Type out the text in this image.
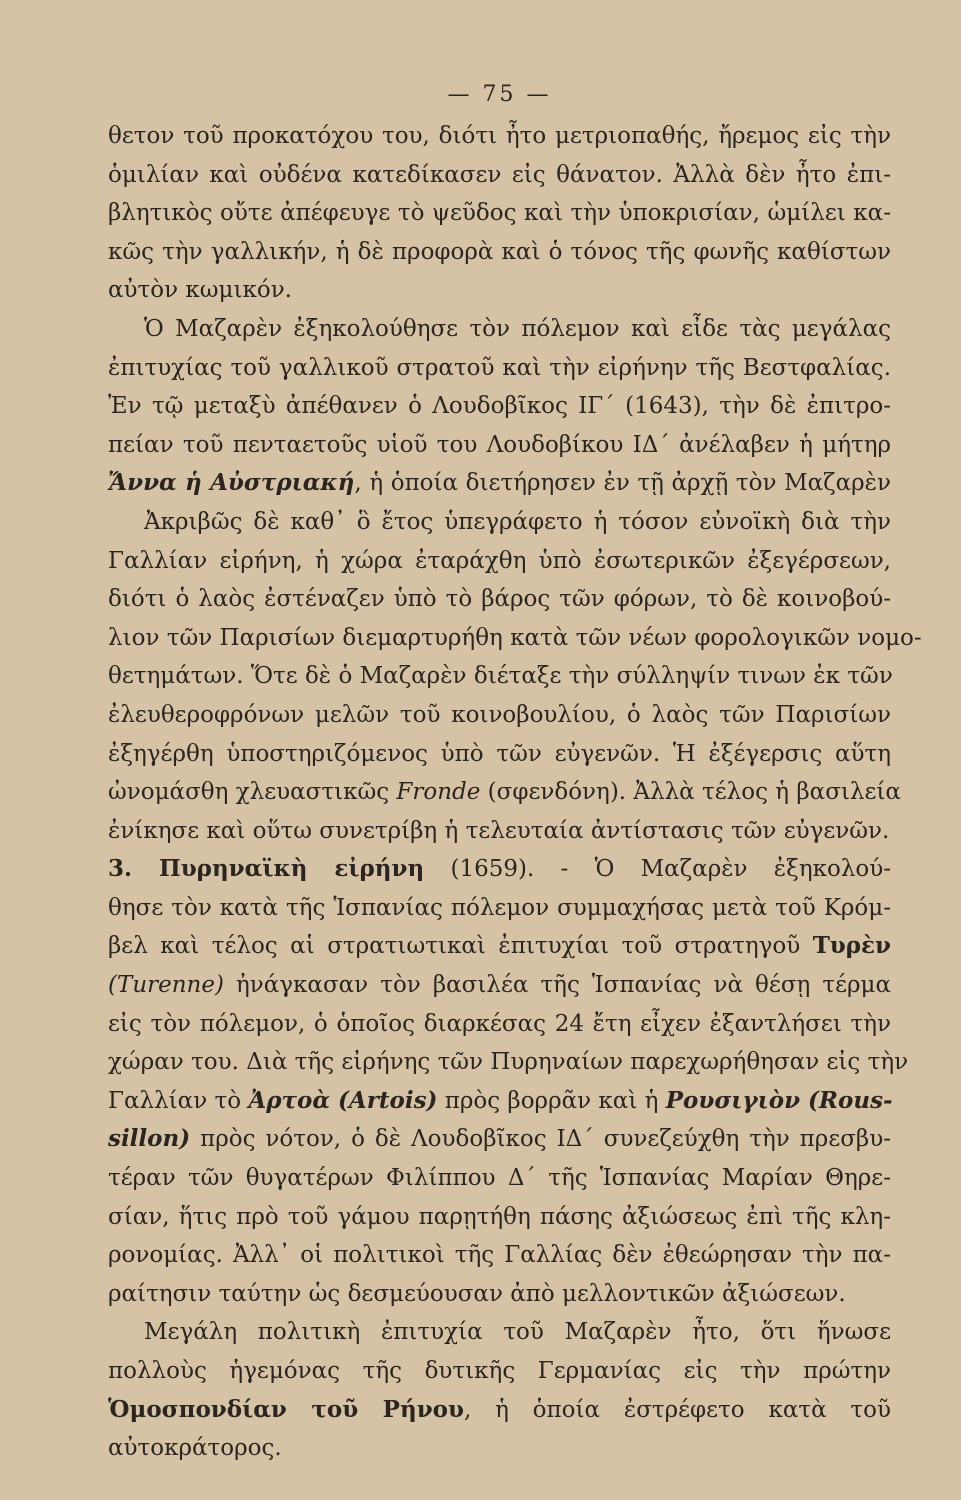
— 75 —
θετον τοῦ προκατόχου του, διότι ἦτο μετριοπαθής, ἤρεμος εἰς τὴν
ὁμιλίαν καὶ οὐδένα κατεδίκασεν εἰς θάνατον. Ἀλλὰ δὲν ἦτο ἐπι-
βλητικὸς οὔτε ἀπέφευγε τὸ ψεῦδος καὶ τὴν ὑποκρισίαν, ὡμίλει κα-
κῶς τὴν γαλλικήν, ἡ δὲ προφορὰ καὶ ὁ τόνος τῆς φωνῆς καθίστων
αὐτὸν κωμικόν.
Ὁ Μαζαρὲν ἐξηκολούθησε τὸν πόλεμον καὶ εἶδε τὰς μεγάλας
ἐπιτυχίας τοῦ γαλλικοῦ στρατοῦ καὶ τὴν εἰρήνην τῆς Βεστφαλίας.
Ἐν τῷ μεταξὺ ἀπέθανεν ὁ Λουδοβῖκος ΙΓ΄ (1643), τὴν δὲ ἐπιτρο-
πείαν τοῦ πενταετοῦς υἱοῦ του Λουδοβίκου ΙΔ΄ ἀνέλαβεν ἡ μήτηρ
Ἄννα ἡ Αὐστριακή, ἡ ὁποία διετήρησεν ἐν τῇ ἀρχῇ τὸν Μαζαρὲν
Ἀκριβῶς δὲ καθ᾽ ὃ ἔτος ὑπεγράφετο ἡ τόσον εὐνοϊκὴ διὰ τὴν
Γαλλίαν εἰρήνη, ἡ χώρα ἐταράχθη ὑπὸ ἐσωτερικῶν ἐξεγέρσεων,
διότι ὁ λαὸς ἐστέναζεν ὑπὸ τὸ βάρος τῶν φόρων, τὸ δὲ κοινοβού-
λιον τῶν Παρισίων διεμαρτυρήθη κατὰ τῶν νέων φορολογικῶν νομο-
θετημάτων. Ὅτε δὲ ὁ Μαζαρὲν διέταξε τὴν σύλληψίν τινων ἐκ τῶν
ἐλευθεροφρόνων μελῶν τοῦ κοινοβουλίου, ὁ λαὸς τῶν Παρισίων
ἐξηγέρθη ὑποστηριζόμενος ὑπὸ τῶν εὐγενῶν. Ἡ ἐξέγερσις αὕτη
ὠνομάσθη χλευαστικῶς Fronde (σφενδόνη). Ἀλλὰ τέλος ἡ βασιλεία
ἐνίκησε καὶ οὕτω συνετρίβη ἡ τελευταία ἀντίστασις τῶν εὐγενῶν.
3. Πυρηναϊκὴ εἰρήνη (1659). - Ὁ Μαζαρὲν ἐξηκολού-
θησε τὸν κατὰ τῆς Ἱσπανίας πόλεμον συμμαχήσας μετὰ τοῦ Κρόμ-
βελ καὶ τέλος αἱ στρατιωτικαὶ ἐπιτυχίαι τοῦ στρατηγοῦ Τυρὲν
(Turenne) ἠνάγκασαν τὸν βασιλέα τῆς Ἱσπανίας νὰ θέσῃ τέρμα
εἰς τὸν πόλεμον, ὁ ὁποῖος διαρκέσας 24 ἔτη εἶχεν ἐξαντλήσει τὴν
χώραν του. Διὰ τῆς εἰρήνης τῶν Πυρηναίων παρεχωρήθησαν εἰς τὴν
Γαλλίαν τὸ Ἀρτοὰ (Artois) πρὸς βορρᾶν καὶ ἡ Ρουσιγιὸν (Rous-
sillon) πρὸς νότον, ὁ δὲ Λουδοβῖκος ΙΔ΄ συνεζεύχθη τὴν πρεσβυ-
τέραν τῶν θυγατέρων Φιλίππου Δ΄ τῆς Ἱσπανίας Μαρίαν Θηρε-
σίαν, ἥτις πρὸ τοῦ γάμου παρῃτήθη πάσης ἀξιώσεως ἐπὶ τῆς κλη-
ρονομίας. Ἀλλ᾽ οἱ πολιτικοὶ τῆς Γαλλίας δὲν ἐθεώρησαν τὴν πα-
ραίτησιν ταύτην ὡς δεσμεύουσαν ἀπὸ μελλοντικῶν ἀξιώσεων.
Μεγάλη πολιτικὴ ἐπιτυχία τοῦ Μαζαρὲν ἦτο, ὅτι ἥνωσε
πολλοὺς ἡγεμόνας τῆς δυτικῆς Γερμανίας εἰς τὴν πρώτην
Ὁμοσπονδίαν τοῦ Ρήνου, ἡ ὁποία ἐστρέφετο κατὰ τοῦ
αὐτοκράτορος.
